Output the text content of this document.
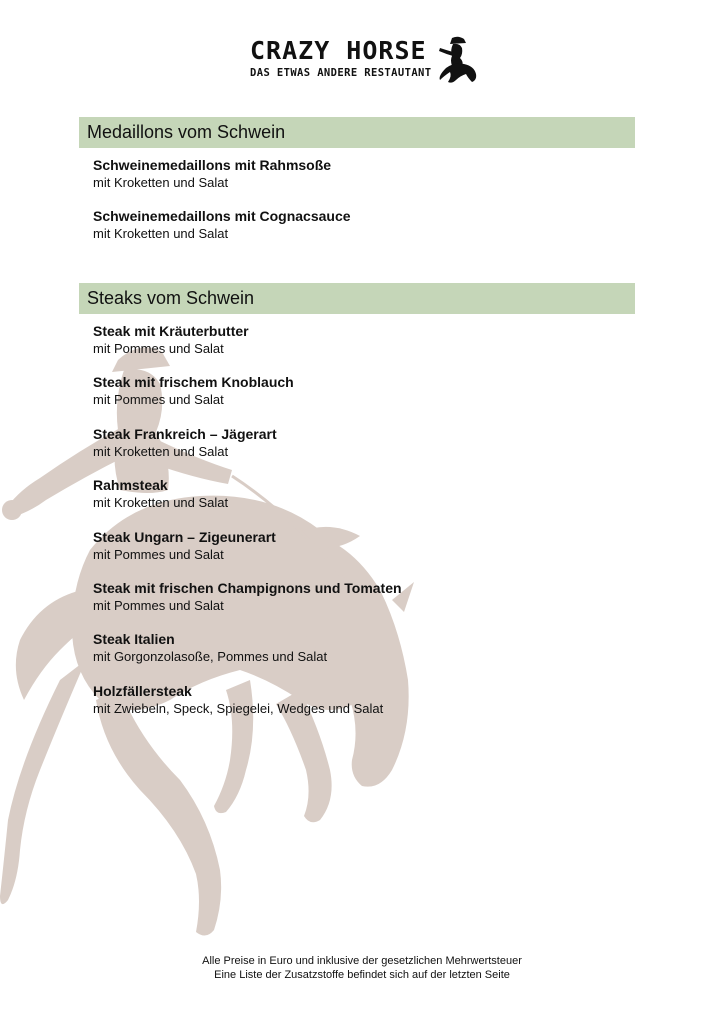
CRAZY HORSE
DAS ETWAS ANDERE RESTAUTANT
Medaillons vom Schwein
Schweinemedaillons mit Rahmsoße
mit Kroketten und Salat
Schweinemedaillons mit Cognacsauce
mit Kroketten und Salat
Steaks vom Schwein
Steak mit Kräuterbutter
mit Pommes und Salat
Steak mit frischem Knoblauch
mit Pommes und Salat
Steak Frankreich – Jägerart
mit Kroketten und Salat
Rahmsteak
mit Kroketten und Salat
Steak Ungarn – Zigeunerart
mit Pommes und Salat
Steak mit frischen Champignons und Tomaten
mit Pommes und Salat
Steak Italien
mit Gorgonzolasoße, Pommes und Salat
Holzfällersteak
mit Zwiebeln, Speck, Spiegelei, Wedges und Salat
Alle Preise in Euro und inklusive der gesetzlichen Mehrwertsteuer
Eine Liste der Zusatzstoffe befindet sich auf der letzten Seite
